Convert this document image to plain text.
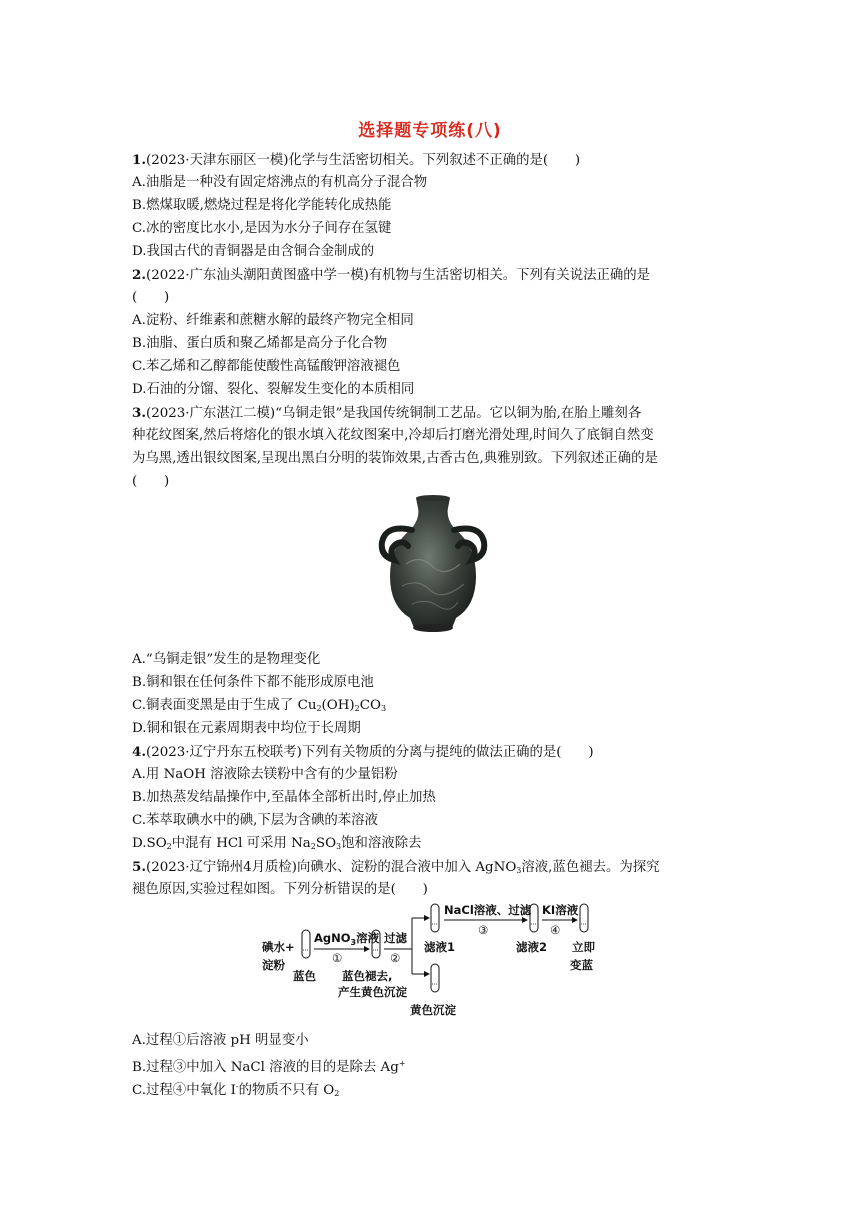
选择题专项练(八)
1.(2023·天津东丽区一模)化学与生活密切相关。下列叙述不正确的是(　　)
A.油脂是一种没有固定熔沸点的有机高分子混合物
B.燃煤取暖,燃烧过程是将化学能转化成热能
C.冰的密度比水小,是因为水分子间存在氢键
D.我国古代的青铜器是由含铜合金制成的
2.(2022·广东汕头潮阳黄图盛中学一模)有机物与生活密切相关。下列有关说法正确的是
(　　)
A.淀粉、纤维素和蔗糖水解的最终产物完全相同
B.油脂、蛋白质和聚乙烯都是高分子化合物
C.苯乙烯和乙醇都能使酸性高锰酸钾溶液褪色
D.石油的分馏、裂化、裂解发生变化的本质相同
3.(2023·广东湛江二模)“乌铜走银”是我国传统铜制工艺品。它以铜为胎,在胎上雕刻各
种花纹图案,然后将熔化的银水填入花纹图案中,冷却后打磨光滑处理,时间久了底铜自然变
为乌黑,透出银纹图案,呈现出黑白分明的装饰效果,古香古色,典雅别致。下列叙述正确的是
(　　)
A.“乌铜走银”发生的是物理变化
B.铜和银在任何条件下都不能形成原电池
C.铜表面变黑是由于生成了 $Cu_2(OH)_2CO_3$
D.铜和银在元素周期表中均位于长周期
4.(2023·辽宁丹东五校联考)下列有关物质的分离与提纯的做法正确的是(　　)
A.用 NaOH 溶液除去镁粉中含有的少量铝粉
B.加热蒸发结晶操作中,至晶体全部析出时,停止加热
C.苯萃取碘水中的碘,下层为含碘的苯溶液
$D.SO_2$中混有 HCl 可采用 $Na_2SO_3$饱和溶液除去
5.(2023·辽宁锦州4月质检)向碘水、淀粉的混合液中加入 AgNO$_3$溶液,蓝色褪去。为探究
褪色原因,实验过程如图。下列分析错误的是(　　)
碘水+
淀粉
蓝色
AgNO$_3$溶液
①
蓝色褪去,
产生黄色沉淀
过滤
②
滤液1
黄色沉淀
NaCl溶液、过滤
③
滤液2
KI溶液
④
立即
变蓝
A.过程①后溶液 pH 明显变小
B.过程③中加入 NaCl 溶液的目的是除去 Ag+
C.过程④中氧化 I-的物质不只有 $O_2$
